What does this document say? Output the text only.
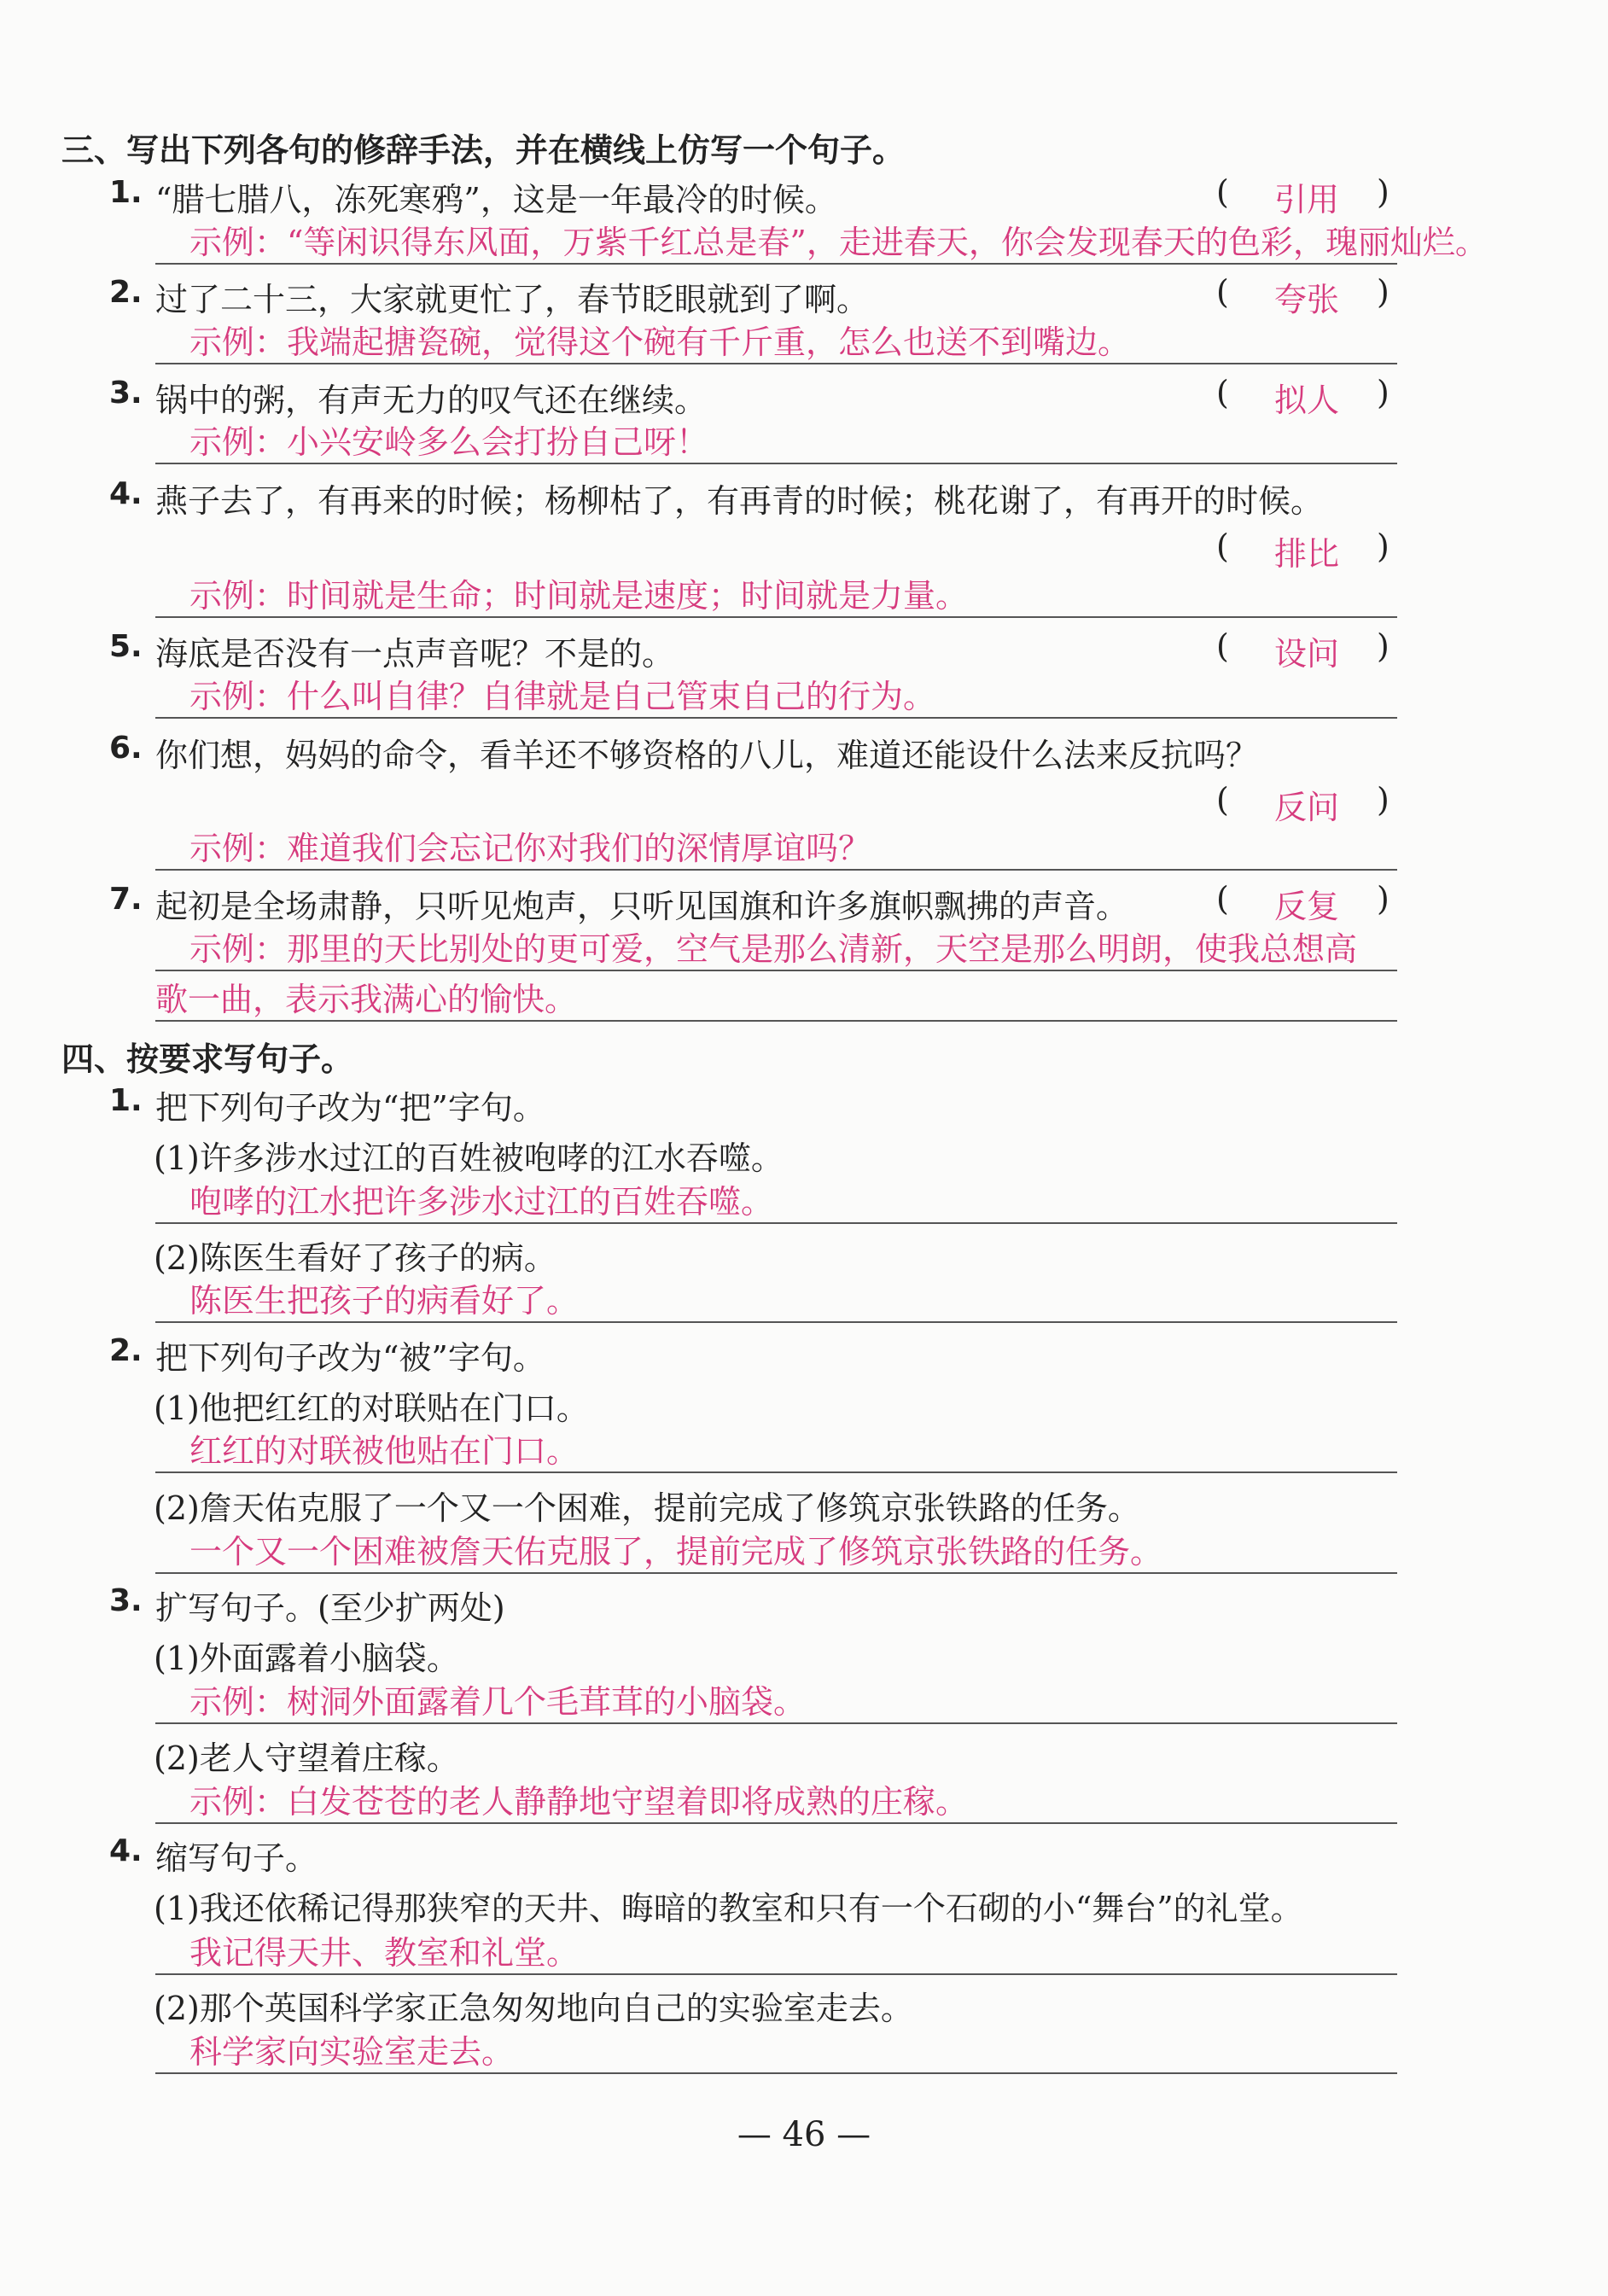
三、写出下列各句的修辞手法，并在横线上仿写一个句子。
1. “腊七腊八，冻死寒鸦”，这是一年最冷的时候。	( 引用 )
示例：“等闲识得东风面，万紫千红总是春”，走进春天，你会发现春天的色彩，瑰丽灿烂。
2. 过了二十三，大家就更忙了，春节眨眼就到了啊。	( 夸张 )
示例：我端起搪瓷碗，觉得这个碗有千斤重，怎么也送不到嘴边。
3. 锅中的粥，有声无力的叹气还在继续。	( 拟人 )
示例：小兴安岭多么会打扮自己呀！
4. 燕子去了，有再来的时候；杨柳枯了，有再青的时候；桃花谢了，有再开的时候。
( 排比 )
示例：时间就是生命；时间就是速度；时间就是力量。
5. 海底是否没有一点声音呢？不是的。	( 设问 )
示例：什么叫自律？自律就是自己管束自己的行为。
6. 你们想，妈妈的命令，看羊还不够资格的八儿，难道还能设什么法来反抗吗？
( 反问 )
示例：难道我们会忘记你对我们的深情厚谊吗？
7. 起初是全场肃静，只听见炮声，只听见国旗和许多旗帜飘拂的声音。	( 反复 )
示例：那里的天比别处的更可爱，空气是那么清新，天空是那么明朗，使我总想高
歌一曲，表示我满心的愉快。
四、按要求写句子。
1. 把下列句子改为“把”字句。
(1)许多涉水过江的百姓被咆哮的江水吞噬。
咆哮的江水把许多涉水过江的百姓吞噬。
(2)陈医生看好了孩子的病。
陈医生把孩子的病看好了。
2. 把下列句子改为“被”字句。
(1)他把红红的对联贴在门口。
红红的对联被他贴在门口。
(2)詹天佑克服了一个又一个困难，提前完成了修筑京张铁路的任务。
一个又一个困难被詹天佑克服了，提前完成了修筑京张铁路的任务。
3. 扩写句子。(至少扩两处)
(1)外面露着小脑袋。
示例：树洞外面露着几个毛茸茸的小脑袋。
(2)老人守望着庄稼。
示例：白发苍苍的老人静静地守望着即将成熟的庄稼。
4. 缩写句子。
(1)我还依稀记得那狭窄的天井、晦暗的教室和只有一个石砌的小“舞台”的礼堂。
我记得天井、教室和礼堂。
(2)那个英国科学家正急匆匆地向自己的实验室走去。
科学家向实验室走去。
— 46 —
